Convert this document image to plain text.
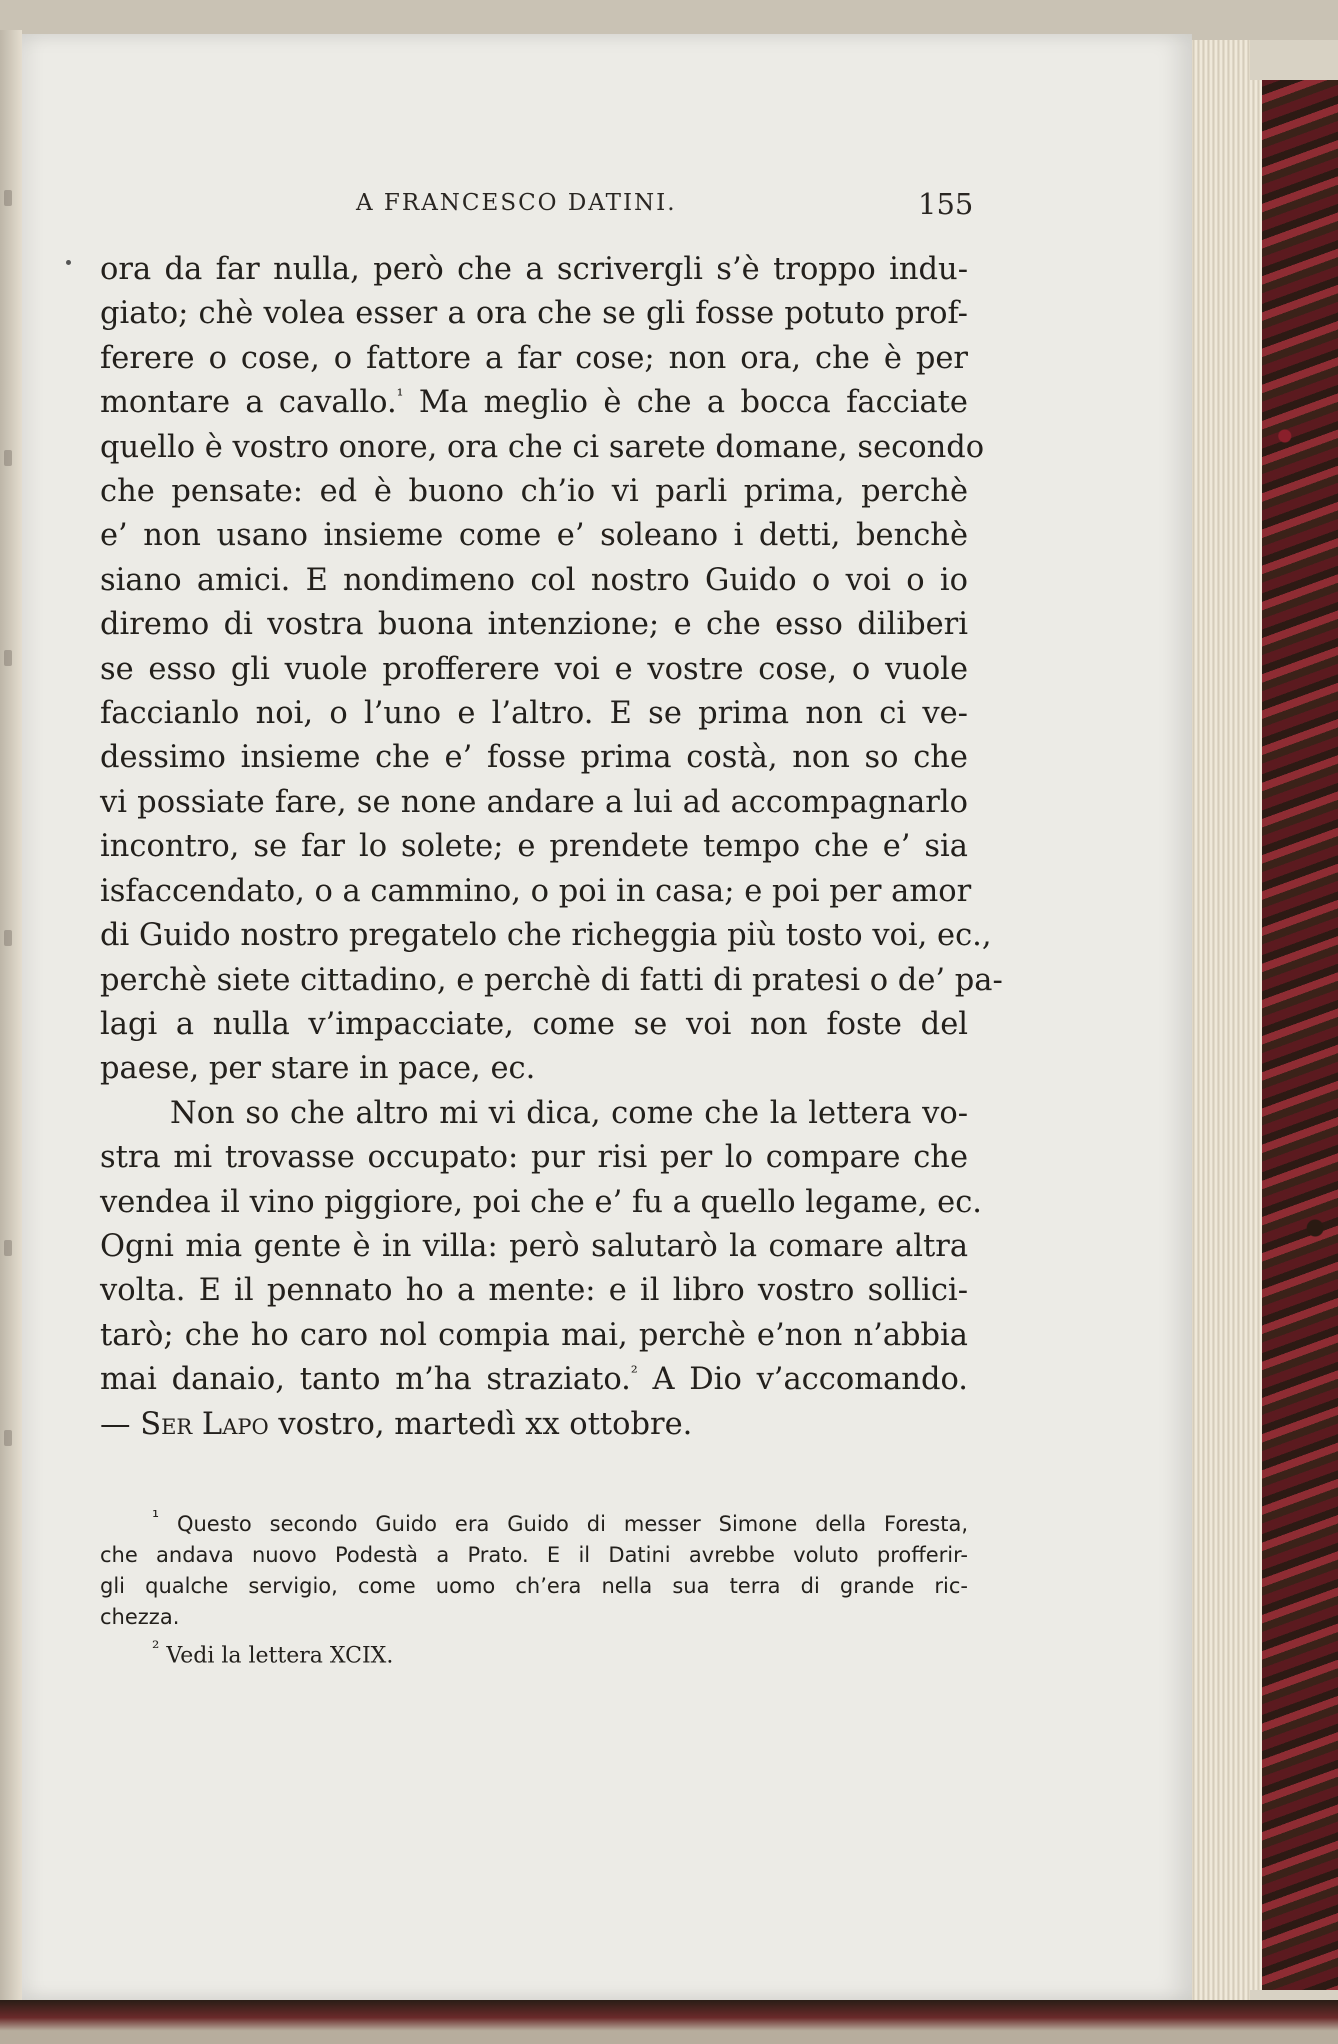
A FRANCESCO DATINI.	155
ora da far nulla, però che a scrivergli s’è troppo indu-
giato; chè volea esser a ora che se gli fosse potuto prof-
ferere o cose, o fattore a far cose; non ora, che è per
montare a cavallo.$^{^1}$ Ma meglio è che a bocca facciate
quello è vostro onore, ora che ci sarete domane, secondo
che pensate: ed è buono ch’io vi parli prima, perchè
e’ non usano insieme come e’ soleano i detti, benchè
siano amici. E nondimeno col nostro Guido o voi o io
diremo di vostra buona intenzione; e che esso diliberi
se esso gli vuole profferere voi e vostre cose, o vuole
faccianlo noi, o l’uno e l’altro. E se prima non ci ve-
dessimo insieme che e’ fosse prima costà, non so che
vi possiate fare, se none andare a lui ad accompagnarlo
incontro, se far lo solete; e prendete tempo che e’ sia
isfaccendato, o a cammino, o poi in casa; e poi per amor
di Guido nostro pregatelo che richeggia più tosto voi, ec.,
perchè siete cittadino, e perchè di fatti di pratesi o de’ pa-
lagi a nulla v’impacciate, come se voi non foste del
paese, per stare in pace, ec.
Non so che altro mi vi dica, come che la lettera vo-
stra mi trovasse occupato: pur risi per lo compare che
vendea il vino piggiore, poi che e’ fu a quello legame, ec.
Ogni mia gente è in villa: però salutarò la comare altra
volta. E il pennato ho a mente: e il libro vostro sollici-
tarò; che ho caro nol compia mai, perchè e’non n’abbia
mai danaio, tanto m’ha straziato.$^{^2}$ A Dio v’accomando.
— Ser Lapo vostro, martedì xx ottobre.
$^{^1}$ Questo secondo Guido era Guido di messer Simone della Foresta,
che andava nuovo Podestà a Prato. E il Datini avrebbe voluto profferir-
gli qualche servigio, come uomo ch’era nella sua terra di grande ric-
chezza.
$^{^2}$ Vedi la lettera XCIX.
